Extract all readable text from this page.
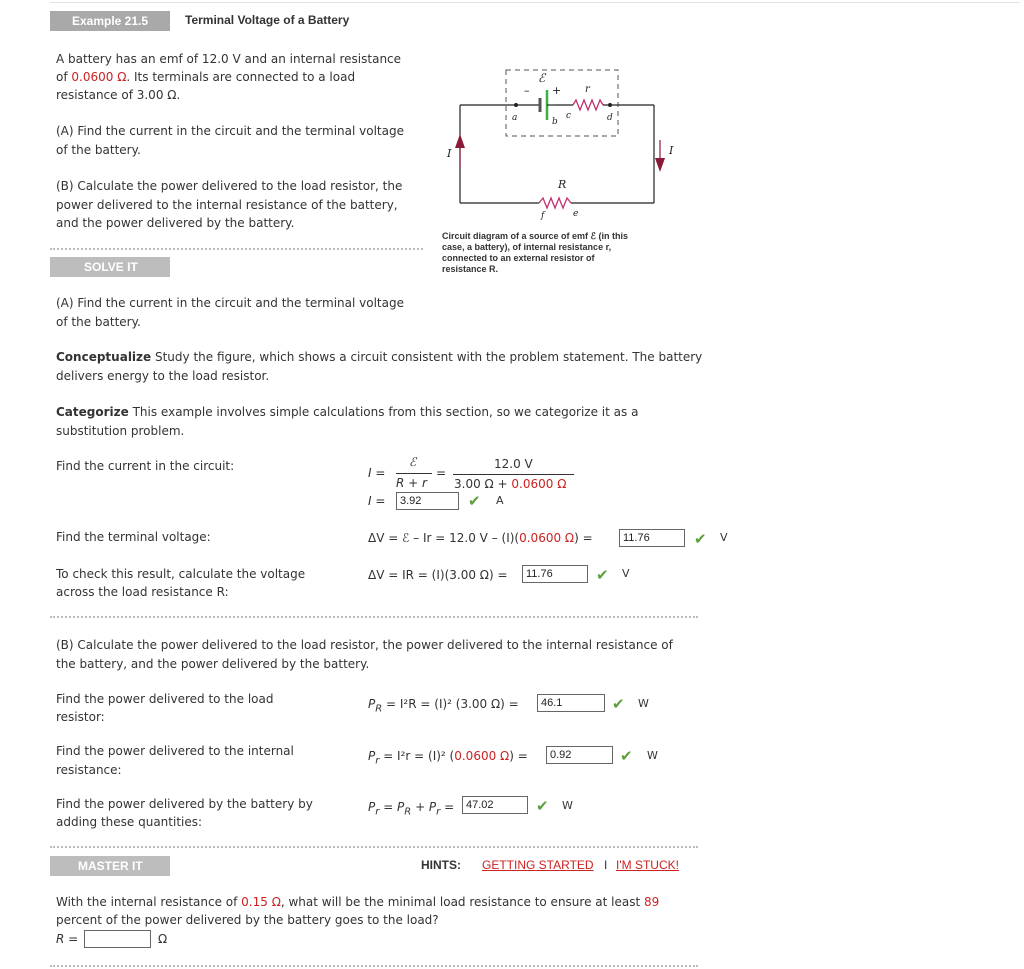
Example 21.5	Terminal Voltage of a Battery
A battery has an emf of 12.0 V and an internal resistance
of 0.0600 Ω. Its terminals are connected to a load
resistance of 3.00 Ω.
(A) Find the current in the circuit and the terminal voltage
of the battery.
(B) Calculate the power delivered to the load resistor, the
power delivered to the internal resistance of the battery,
and the power delivered by the battery.
ℰ
– + r
a	b
c	d
I	I
R
f	e
Circuit diagram of a source of emf ℰ (in this
case, a battery), of internal resistance r,
connected to an external resistor of
resistance R.
SOLVE IT
(A) Find the current in the circuit and the terminal voltage
of the battery.
Conceptualize Study the figure, which shows a circuit consistent with the problem statement. The battery
delivers energy to the load resistor.
Categorize This example involves simple calculations from this section, so we categorize it as a
substitution problem.
Find the current in the circuit:	I =
ℰ
R + r
=
12.0 V
3.00 Ω + 0.0600 Ω
I =	3.92	✔ A
Find the terminal voltage:	ΔV = ℰ – Ir = 12.0 V – (I)(0.0600 Ω) =	11.76	✔ V
To check this result, calculate the voltage
across the load resistance R:
ΔV = IR = (I)(3.00 Ω) =	11.76	✔ V
(B) Calculate the power delivered to the load resistor, the power delivered to the internal resistance of
the battery, and the power delivered by the battery.
Find the power delivered to the load
resistor:
$P_R = I^2R = (I)^2$ (3.00 Ω) =	46.1	✔ W
Find the power delivered to the internal
resistance:
$P_r = I^2r = (I)^2$ (0.0600 Ω) =	0.92	✔ W
Find the power delivered by the battery by
adding these quantities:
$P_r = P_R + P_r$ =	47.02	✔ W
MASTER IT	HINTS: GETTING STARTED I I'M STUCK!
With the internal resistance of 0.15 Ω, what will be the minimal load resistance to ensure at least 89
percent of the power delivered by the battery goes to the load?
R =	Ω
